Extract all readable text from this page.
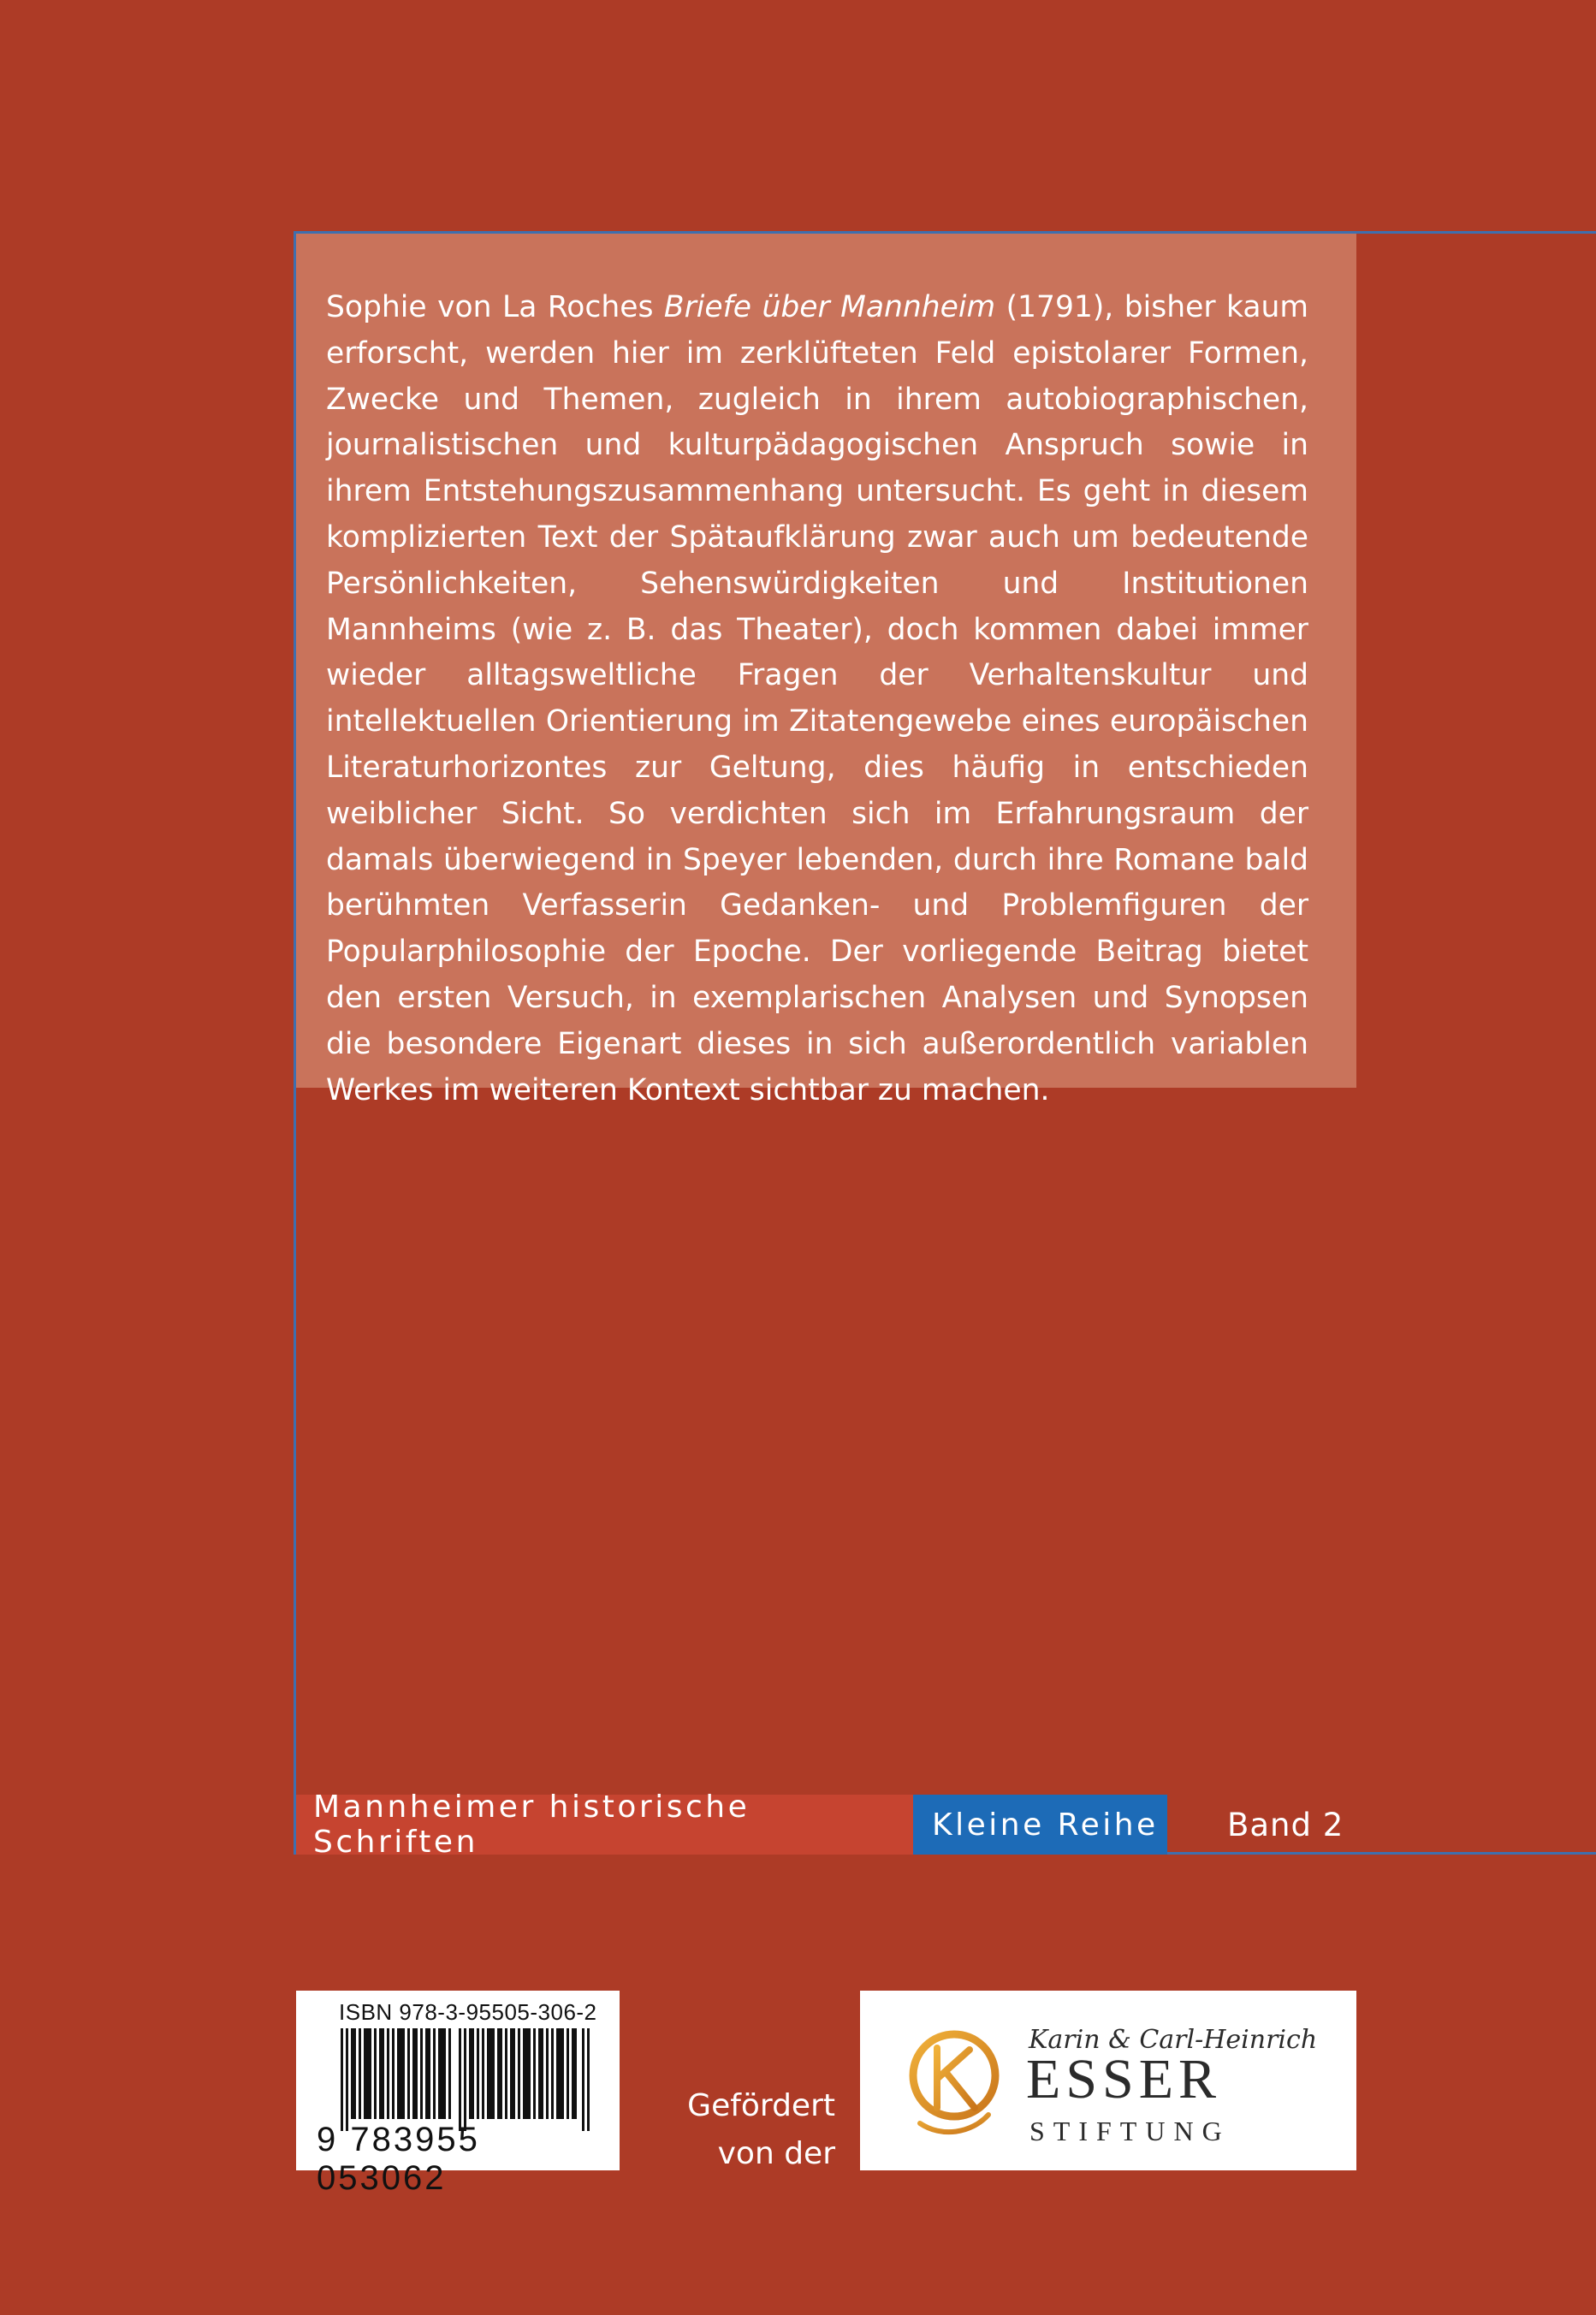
Sophie von La Roches Briefe über Mannheim (1791), bisher kaum erforscht, werden hier im zerklüfteten Feld epistolarer Formen, Zwecke und Themen, zugleich in ihrem autobiographischen, journalistischen und kulturpädagogischen Anspruch sowie in ihrem Entstehungszusammenhang untersucht. Es geht in diesem komplizierten Text der Spätaufklärung zwar auch um bedeutende Persönlichkeiten, Sehenswürdigkeiten und Institutionen Mannheims (wie z. B. das Theater), doch kommen dabei immer wieder alltagsweltliche Fragen der Verhaltenskultur und intellektuellen Orientierung im Zitatengewebe eines europäischen Literaturhorizontes zur Geltung, dies häufig in entschieden weiblicher Sicht. So verdichten sich im Erfahrungsraum der damals überwiegend in Speyer lebenden, durch ihre Romane bald berühmten Verfasserin Gedanken- und Problemfiguren der Popularphilosophie der Epoche. Der vorliegende Beitrag bietet den ersten Versuch, in exemplarischen Analysen und Synopsen die besondere Eigenart dieses in sich außerordentlich variablen Werkes im weiteren Kontext sichtbar zu machen.

Mannheimer historische Schriften	Kleine Reihe	Band 2
ISBN 978-3-95505-306-2
9 783955 053062
Gefördert
von der
Karin & Carl-Heinrich
ESSER
STIFTUNG
